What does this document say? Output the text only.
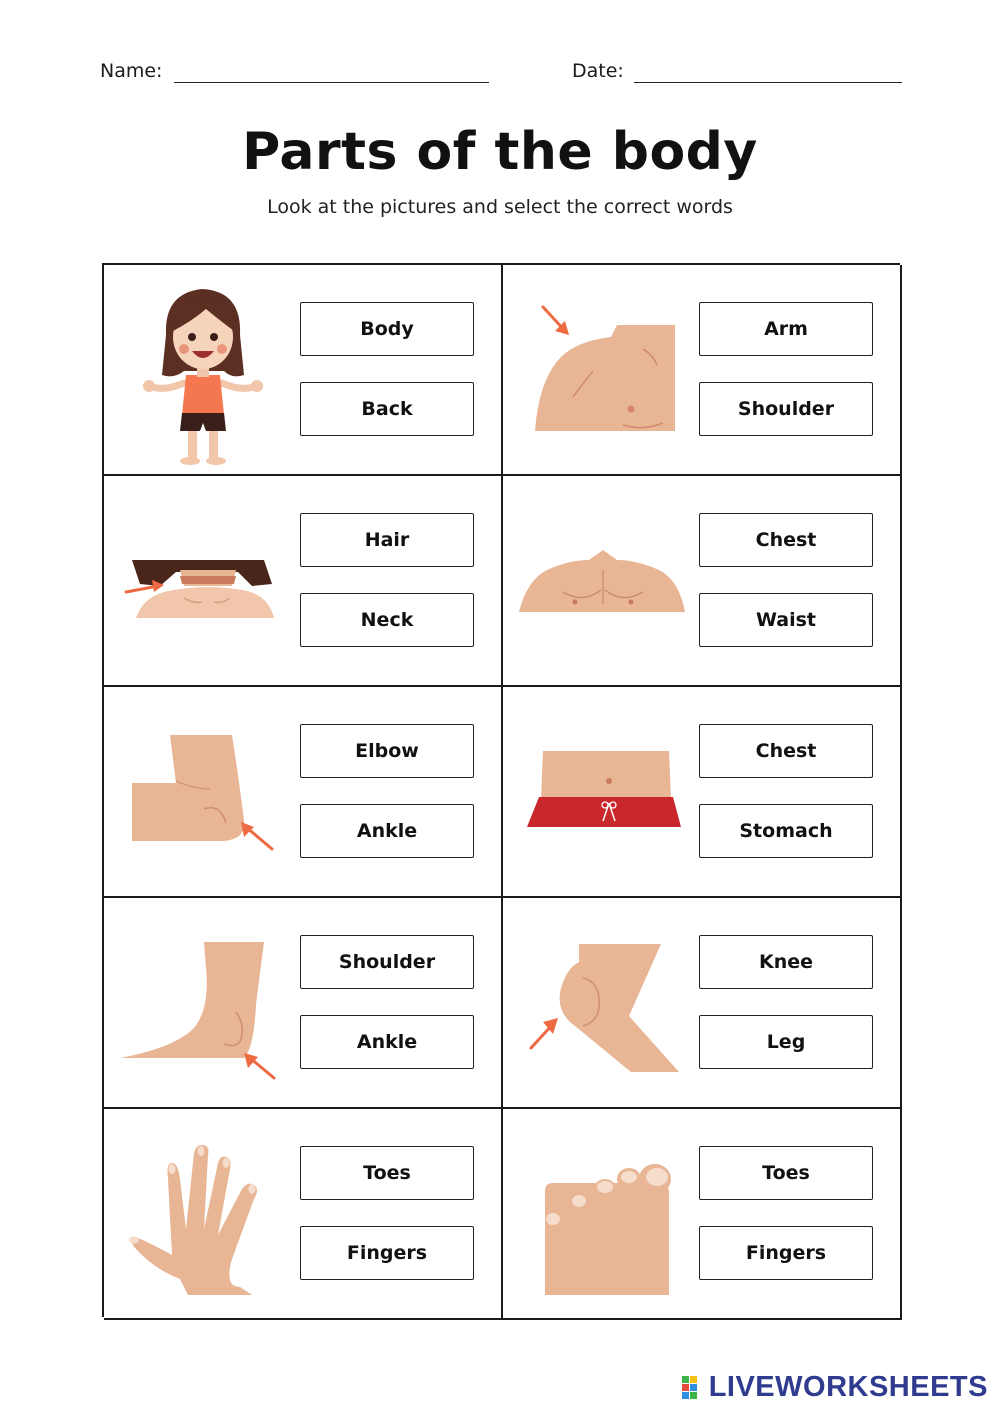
Name:	Date:
Parts of the body
Look at the pictures and select the correct words
Body
Back
Arm
Shoulder
Hair
Neck
Chest
Waist
Elbow
Ankle
Chest
Stomach
Shoulder
Ankle
Knee
Leg
Toes
Fingers
Toes
Fingers
LIVEWORKSHEETS
